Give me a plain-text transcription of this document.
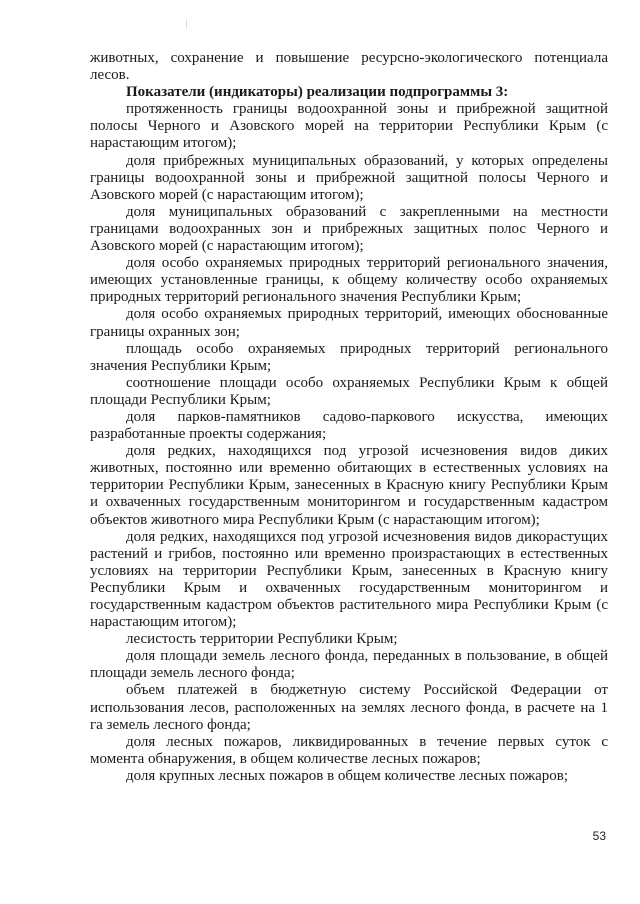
животных, сохранение и повышение ресурсно-экологического потенциала лесов.

Показатели (индикаторы) реализации подпрограммы 3:

протяженность границы водоохранной зоны и прибрежной защитной полосы Черного и Азовского морей на территории Республики Крым (с нарастающим итогом);

доля прибрежных муниципальных образований, у которых определены границы водоохранной зоны и прибрежной защитной полосы Черного и Азовского морей (с нарастающим итогом);

доля муниципальных образований с закрепленными на местности границами водоохранных зон и прибрежных защитных полос Черного и Азовского морей (с нарастающим итогом);

доля особо охраняемых природных территорий регионального значения, имеющих установленные границы, к общему количеству особо охраняемых природных территорий регионального значения Республики Крым;

доля особо охраняемых природных территорий, имеющих обоснованные границы охранных зон;

площадь особо охраняемых природных территорий регионального значения Республики Крым;

соотношение площади особо охраняемых Республики Крым к общей площади Республики Крым;

доля парков-памятников садово-паркового искусства, имеющих разработанные проекты содержания;

доля редких, находящихся под угрозой исчезновения видов диких животных, постоянно или временно обитающих в естественных условиях на территории Республики Крым, занесенных в Красную книгу Республики Крым и охваченных государственным мониторингом и государственным кадастром объектов животного мира Республики Крым (с нарастающим итогом);

доля редких, находящихся под угрозой исчезновения видов дикорастущих растений и грибов, постоянно или временно произрастающих в естественных условиях на территории Республики Крым, занесенных в Красную книгу Республики Крым и охваченных государственным мониторингом и государственным кадастром объектов растительного мира Республики Крым (с нарастающим итогом);

лесистость территории Республики Крым;

доля площади земель лесного фонда, переданных в пользование, в общей площади земель лесного фонда;

объем платежей в бюджетную систему Российской Федерации от использования лесов, расположенных на землях лесного фонда, в расчете на 1 га земель лесного фонда;

доля лесных пожаров, ликвидированных в течение первых суток с момента обнаружения, в общем количестве лесных пожаров;

доля крупных лесных пожаров в общем количестве лесных пожаров;

53
